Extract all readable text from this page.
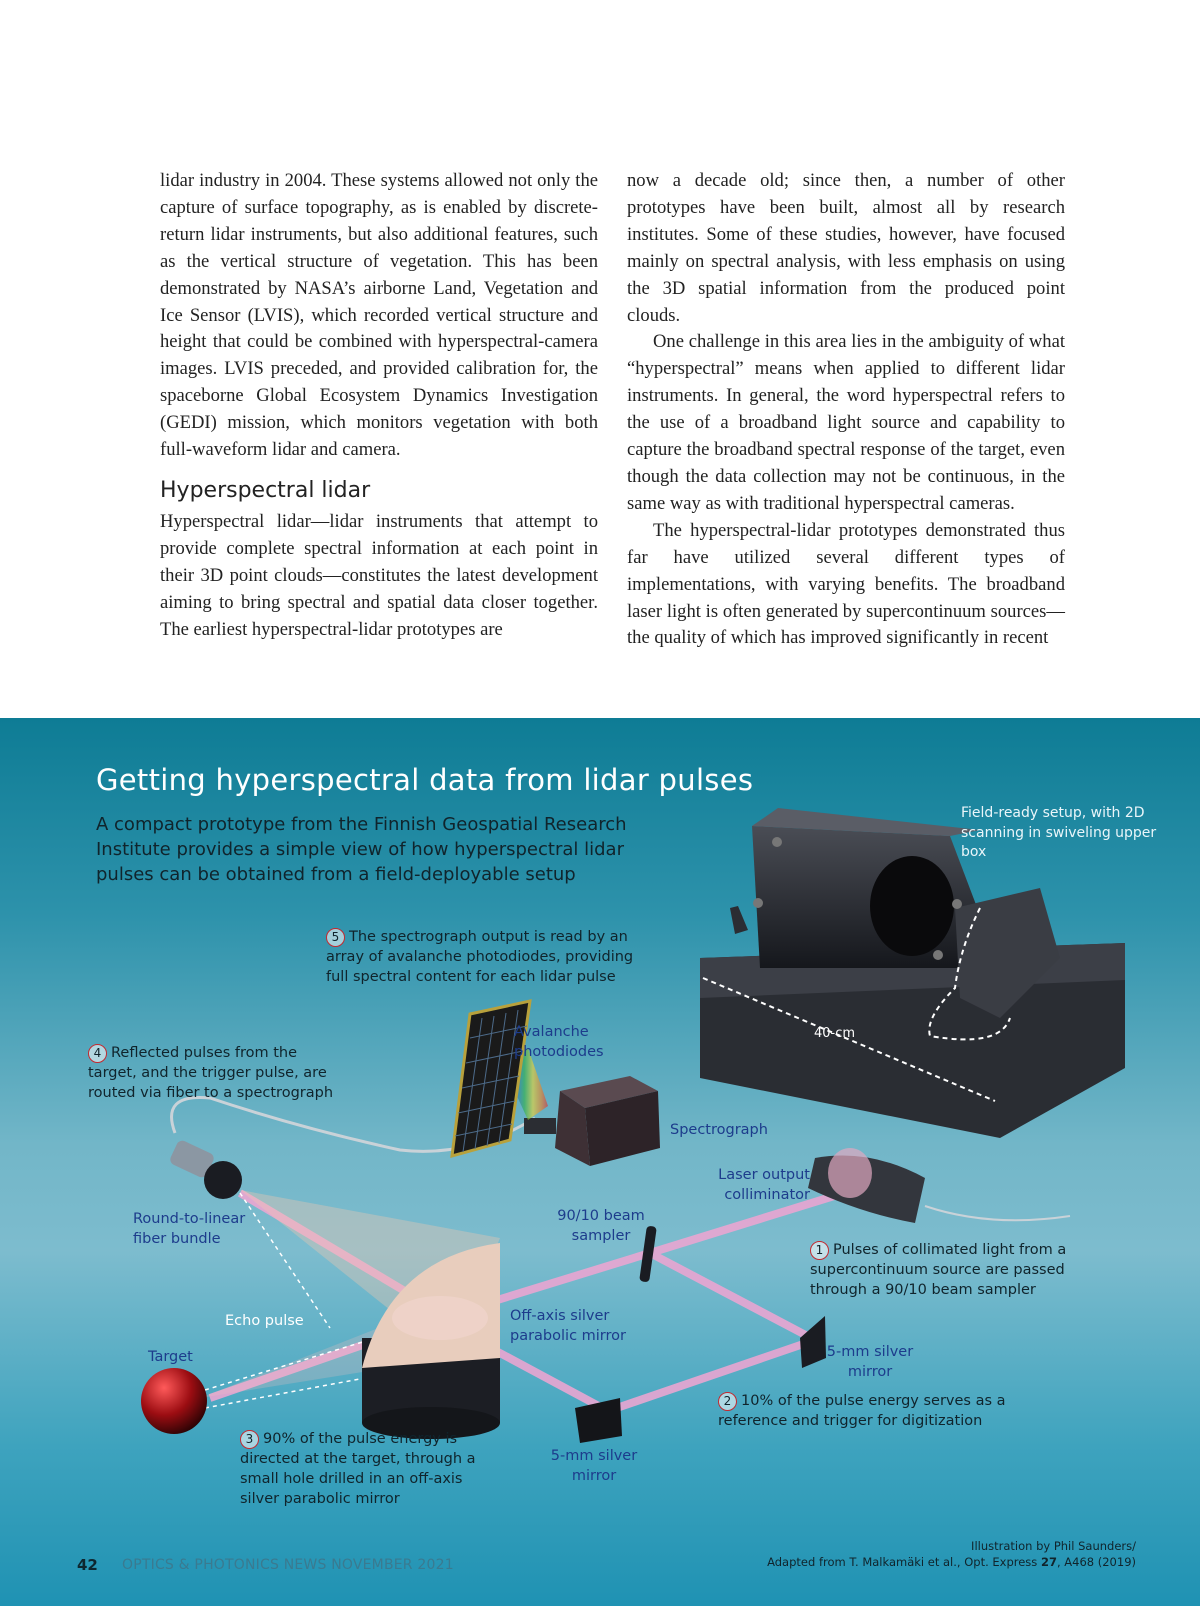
lidar industry in 2004. These systems allowed not only the capture of surface topography, as is enabled by discrete-return lidar instruments, but also additional features, such as the vertical structure of vegetation. This has been demonstrated by NASA’s airborne Land, Vegetation and Ice Sensor (LVIS), which recorded vertical structure and height that could be combined with hyperspectral-camera images. LVIS preceded, and provided calibration for, the spaceborne Global Ecosystem Dynamics Investigation (GEDI) mission, which monitors vegetation with both full-waveform lidar and camera.

Hyperspectral lidar

Hyperspectral lidar—lidar instruments that attempt to provide complete spectral information at each point in their 3D point clouds—constitutes the latest development aiming to bring spectral and spatial data closer together. The earliest hyperspectral-lidar prototypes are

now a decade old; since then, a number of other prototypes have been built, almost all by research institutes. Some of these studies, however, have focused mainly on spectral analysis, with less emphasis on using the 3D spatial information from the produced point clouds.

One challenge in this area lies in the ambiguity of what “hyperspectral” means when applied to different lidar instruments. In general, the word hyperspectral refers to the use of a broadband light source and capability to capture the broadband spectral response of the target, even though the data collection may not be continuous, in the same way as with traditional hyperspectral cameras.

The hyperspectral-lidar prototypes demonstrated thus far have utilized several different types of implementations, with varying benefits. The broadband laser light is often generated by supercontinuum sources—the quality of which has improved significantly in recent

Getting hyperspectral data from lidar pulses
A compact prototype from the Finnish Geospatial Research Institute provides a simple view of how hyperspectral lidar pulses can be obtained from a field-deployable setup
Field-ready setup, with 2D scanning in swiveling upper box
40-cm
5 The spectrograph output is read by an array of avalanche photodiodes, providing full spectral content for each lidar pulse
4 Reflected pulses from the target, and the trigger pulse, are routed via fiber to a spectrograph
1 Pulses of collimated light from a supercontinuum source are passed through a 90/10 beam sampler
2 10% of the pulse energy serves as a reference and trigger for digitization
3 90% of the pulse energy is directed at the target, through a small hole drilled in an off-axis silver parabolic mirror
Avalanche photodiodes
Spectrograph
Laser output colliminator
90/10 beam sampler
Round-to-linear fiber bundle
Echo pulse
Target
Off-axis silver parabolic mirror
5-mm silver mirror
5-mm silver mirror
Illustration by Phil Saunders/
Adapted from T. Malkamäki et al., Opt. Express 27, A468 (2019)
42 OPTICS & PHOTONICS NEWS NOVEMBER 2021
